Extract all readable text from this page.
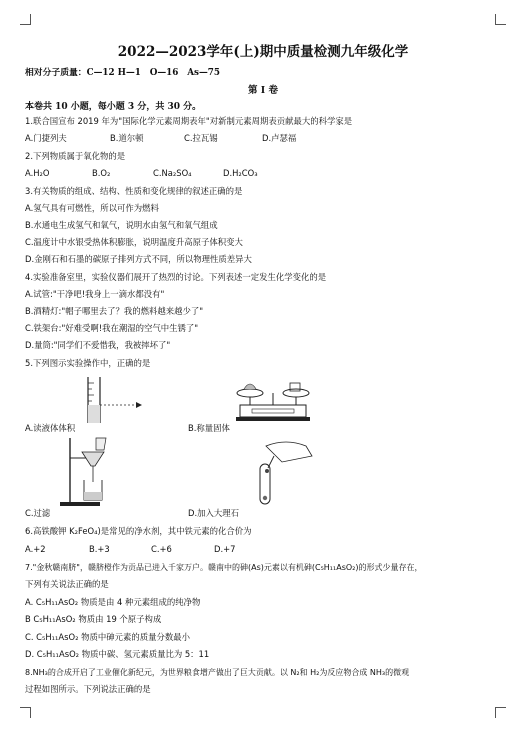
2022—2023学年(上)期中质量检测九年级化学
相对分子质量：C—12 H—1　O—16　As—75
第 I 卷
本卷共 10 小题，每小题 3 分，共 30 分。
1.联合国宣布 2019 年为"国际化学元素周期表年"对新制元素周期表贡献最大的科学家是
A.门捷列夫	B.道尔顿	C.拉瓦锡	D.卢瑟福
2.下列物质属于氧化物的是
A.H₂O	B.O₂	C.Na₂SO₄	D.H₂CO₃
3.有关物质的组成、结构、性质和变化规律的叙述正确的是
A.氢气具有可燃性，所以可作为燃料
B.水通电生成氢气和氧气，说明水由氢气和氧气组成
C.温度计中水银受热体积膨胀，说明温度升高原子体积变大
D.金刚石和石墨的碳原子排列方式不同，所以物理性质差异大
4.实验准备室里，实验仪器们展开了热烈的讨论。下列表述一定发生化学变化的是
A.试管:"干净吧!我身上一滴水都没有"
B.酒精灯:"帽子哪里去了？我的燃料越来越少了"
C.铁架台:"好难受啊!我在潮湿的空气中生锈了"
D.量筒:"同学们不爱惜我，我被摔坏了"
5.下列图示实验操作中，正确的是
A.读液体体积	B.称量固体
C.过滤	D.加入大理石
6.高铁酸钾 K₂FeO₄)是常见的净水剂，其中铁元素的化合价为
A.+2	B.+3	C.+6	D.+7
7."金秋赣南脐"，赣脐橙作为贡品已进入千家万户。赣南中的砷(As)元素以有机砷(C₅H₁₁AsO₂)的形式少量存在，
下列有关说法正确的是
A. C₅H₁₁AsO₂ 物质是由 4 种元素组成的纯净物
B C₅H₁₁AsO₂ 物质由 19 个原子构成
C. C₅H₁₁AsO₂ 物质中砷元素的质量分数最小
D. C₅H₁₁AsO₂ 物质中碳、氢元素质量比为 5：11
8.NH₃的合成开启了工业催化新纪元，为世界粮食增产做出了巨大贡献。以 N₂和 H₂为反应物合成 NH₃的微观
过程如图所示。下列说法正确的是
